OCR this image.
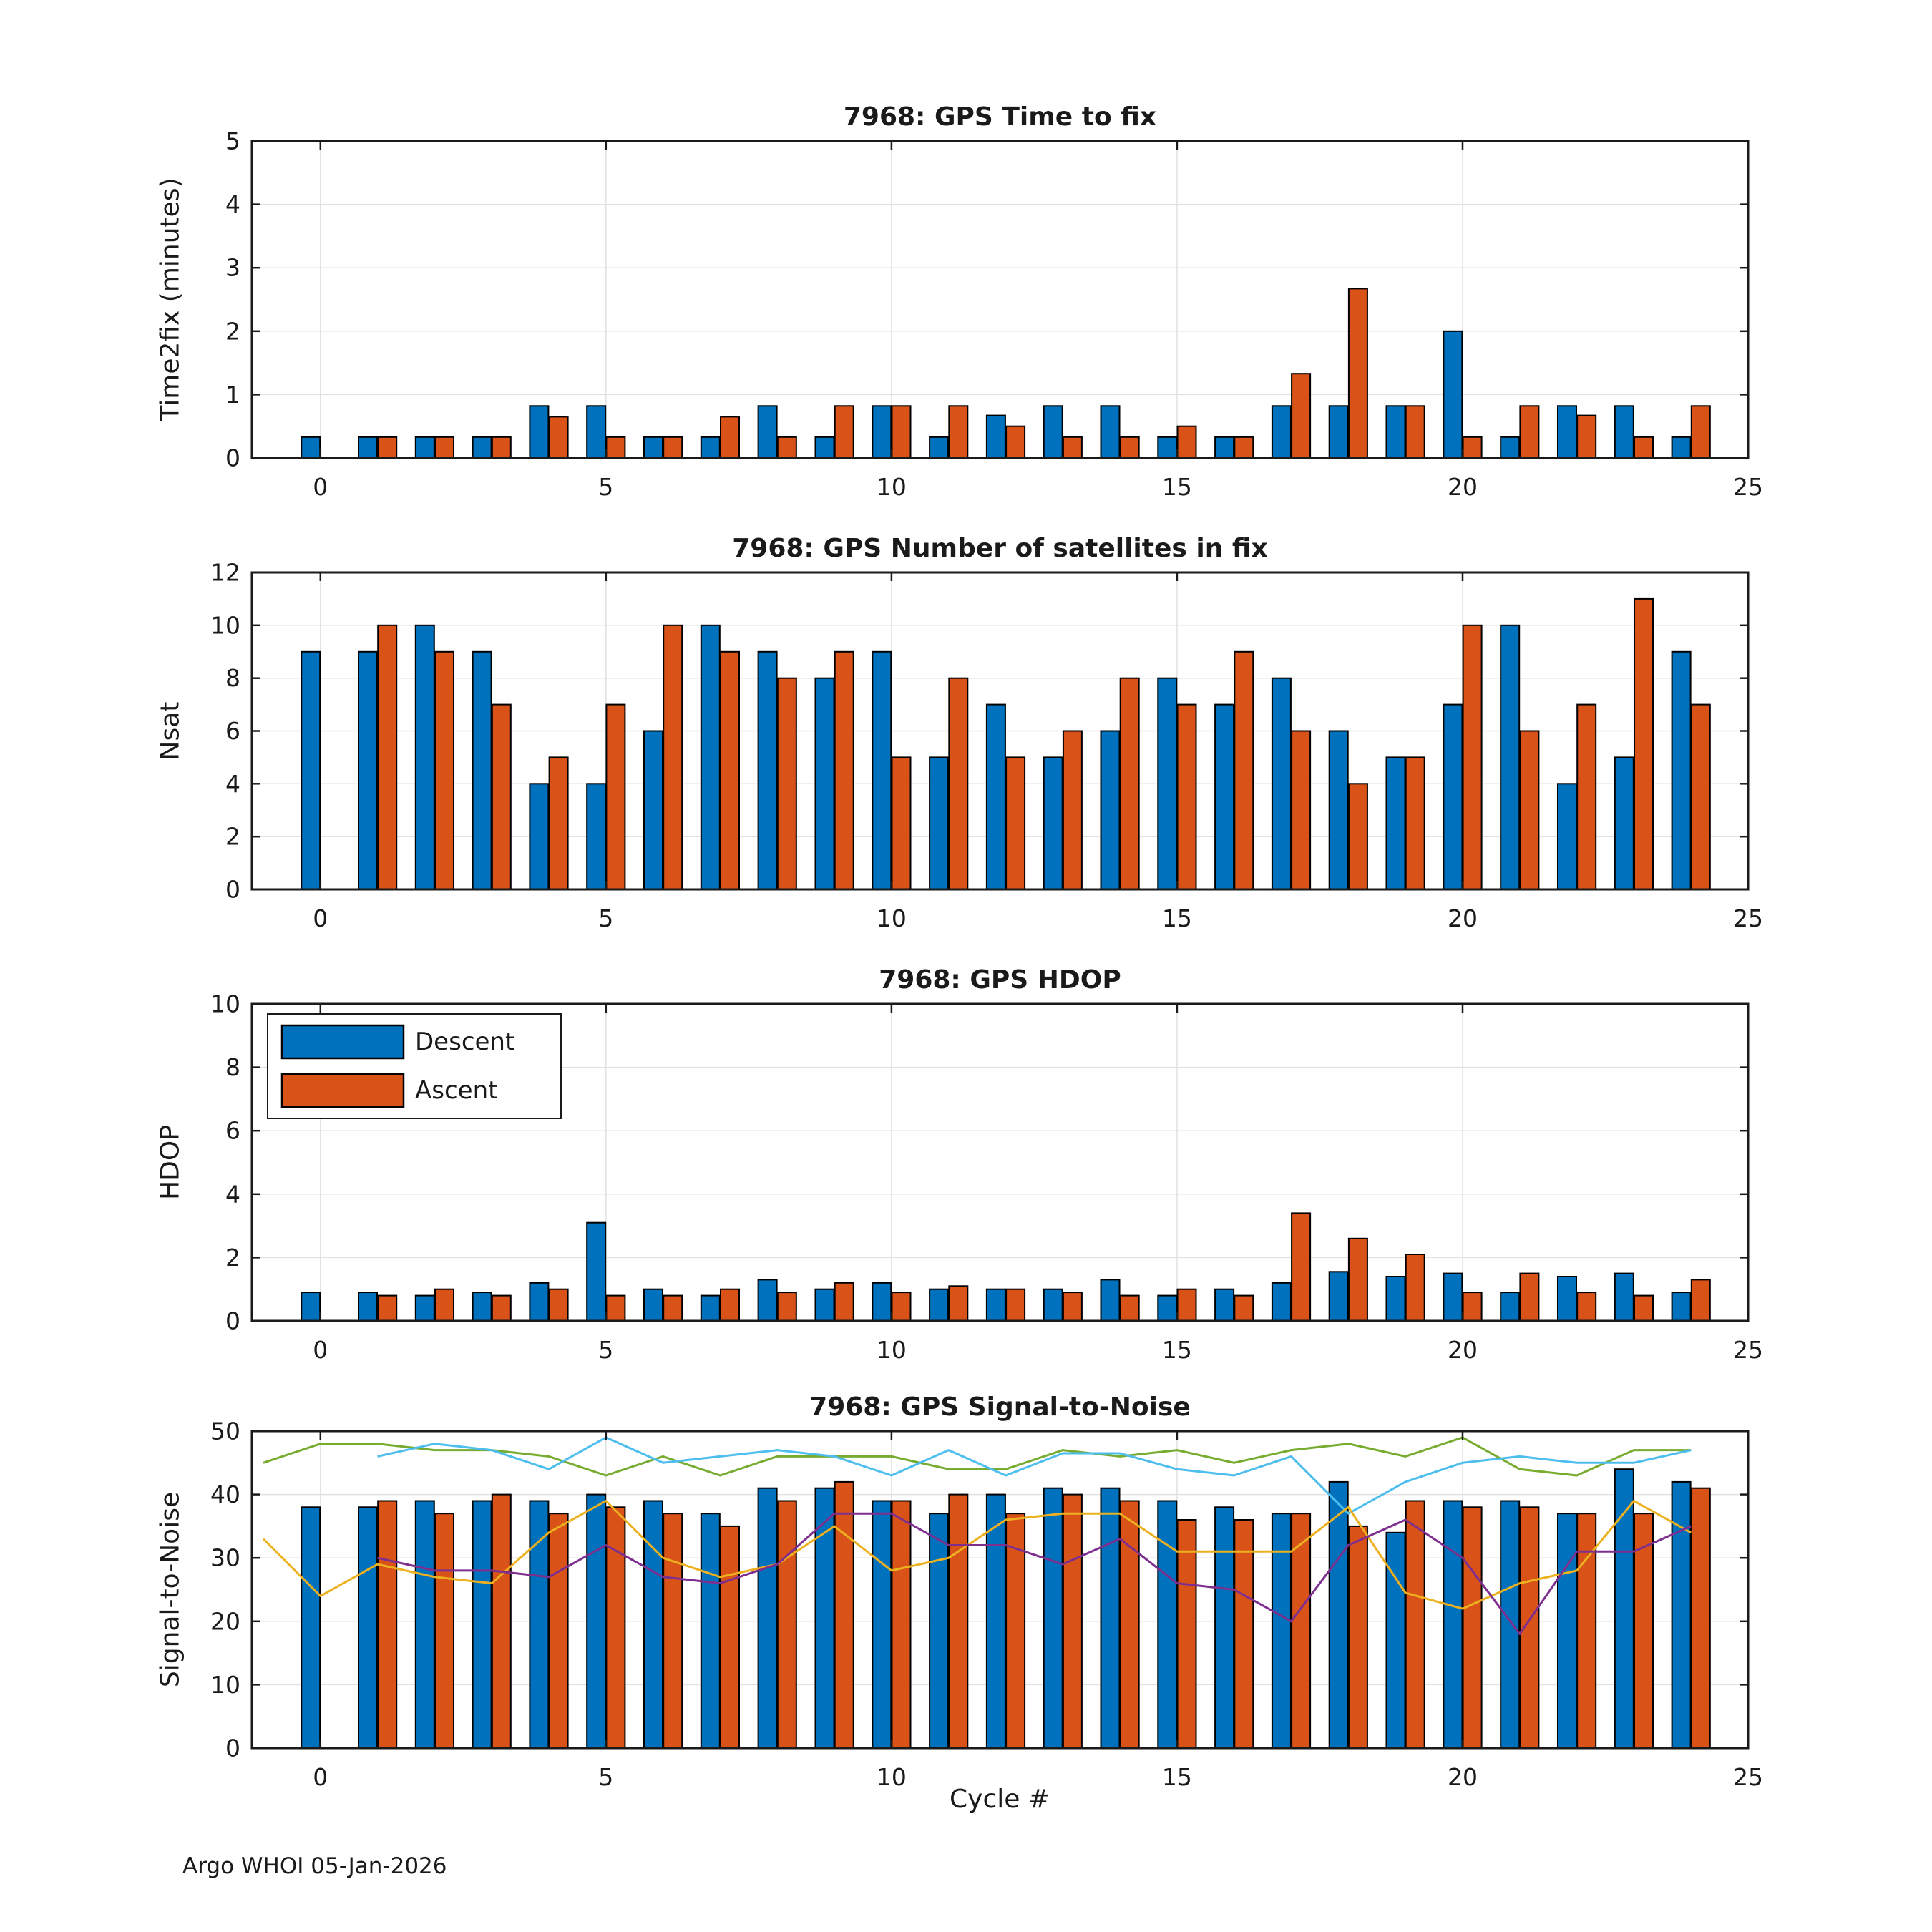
0
1
2
3
4
5
0	5	10	15	20	25
7968: GPS Time to fix
Time2fix (minutes)
0
2
4
6
8
10
12
0	5	10	15	20	25
7968: GPS Number of satellites in fix
Nsat
0
2
4
6
8
10
0	5	10	15	20	25
7968: GPS HDOP
HDOP
Descent
Ascent
0
10
20
30
40
50
0	5	10	15	20	25
7968: GPS Signal-to-Noise
Signal-to-Noise
Cycle #
Argo WHOI 05-Jan-2026
